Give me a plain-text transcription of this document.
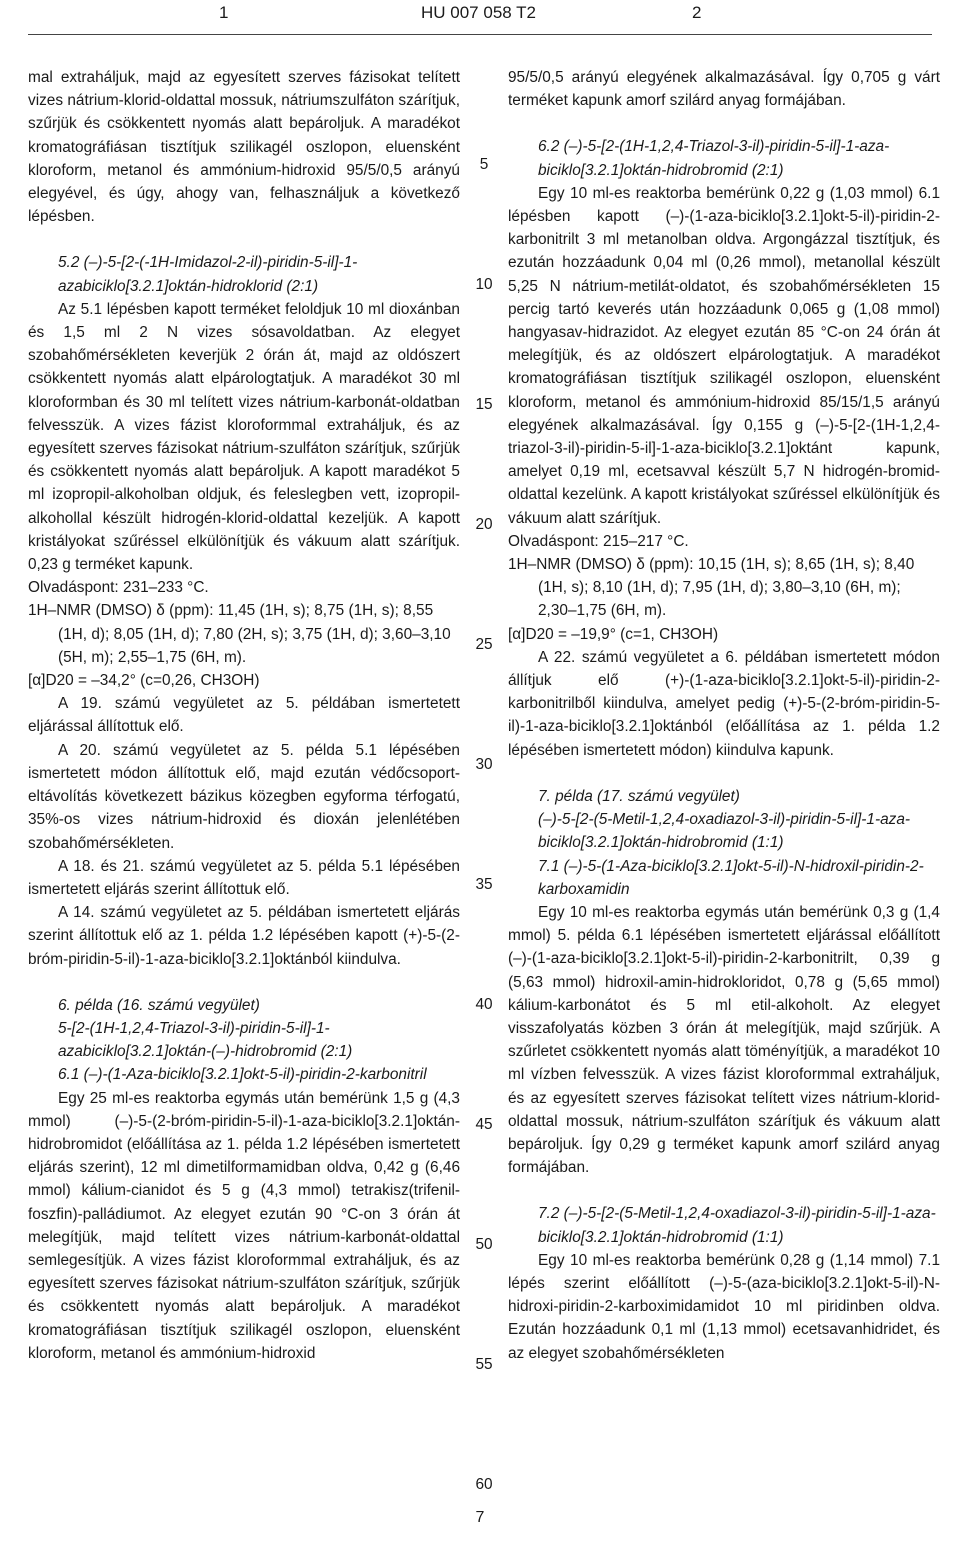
1	HU 007 058 T2	2

mal extraháljuk, majd az egyesített szerves fázisokat telített vizes nátrium-klorid-oldattal mossuk, nátriumszulfáton szárítjuk, szűrjük és csökkentett nyomás alatt bepároljuk. A maradékot kromatográfiásan tisztítjuk szilikagél oszlopon, eluensként kloroform, metanol és ammónium-hidroxid 95/5/0,5 arányú elegyével, és úgy, ahogy van, felhasználjuk a következő lépésben.

5.2 (–)-5-[2-(-1H-Imidazol-2-il)-piridin-5-il]-1-azabiciklo[3.2.1]oktán-hidroklorid (2:1)

Az 5.1 lépésben kapott terméket feloldjuk 10 ml dioxánban és 1,5 ml 2 N vizes sósavoldatban. Az elegyet szobahőmérsékleten keverjük 2 órán át, majd az oldószert csökkentett nyomás alatt elpárologtatjuk. A maradékot 30 ml kloroformban és 30 ml telített vizes nátrium-karbonát-oldatban felvesszük. A vizes fázist kloroformmal extraháljuk, és az egyesített szerves fázisokat nátrium-szulfáton szárítjuk, szűrjük és csökkentett nyomás alatt bepároljuk. A kapott maradékot 5 ml izopropil-alkoholban oldjuk, és feleslegben vett, izopropil-alkohollal készült hidrogén-klorid-oldattal kezeljük. A kapott kristályokat szűréssel elkülönítjük és vákuum alatt szárítjuk. 0,23 g terméket kapunk.

Olvadáspont: 231–233 °C.

1H–NMR (DMSO) δ (ppm): 11,45 (1H, s); 8,75 (1H, s); 8,55 (1H, d); 8,05 (1H, d); 7,80 (2H, s); 3,75 (1H, d); 3,60–3,10 (5H, m); 2,55–1,75 (6H, m).

[α]D20 = –34,2° (c=0,26, CH3OH)

A 19. számú vegyületet az 5. példában ismertetett eljárással állítottuk elő.

A 20. számú vegyületet az 5. példa 5.1 lépésében ismertetett módon állítottuk elő, majd ezután védőcsoport-eltávolítás következett bázikus közegben egyforma térfogatú, 35%-os vizes nátrium-hidroxid és dioxán jelenlétében szobahőmérsékleten.

A 18. és 21. számú vegyületet az 5. példa 5.1 lépésében ismertetett eljárás szerint állítottuk elő.

A 14. számú vegyületet az 5. példában ismertetett eljárás szerint állítottuk elő az 1. példa 1.2 lépésében kapott (+)-5-(2-bróm-piridin-5-il)-1-aza-biciklo[3.2.1]oktánból kiindulva.

6. példa (16. számú vegyület)

5-[2-(1H-1,2,4-Triazol-3-il)-piridin-5-il]-1-azabiciklo[3.2.1]oktán-(–)-hidrobromid (2:1)

6.1 (–)-(1-Aza-biciklo[3.2.1]okt-5-il)-piridin-2-karbonitril

Egy 25 ml-es reaktorba egymás után bemérünk 1,5 g (4,3 mmol) (–)-5-(2-bróm-piridin-5-il)-1-aza-biciklo[3.2.1]oktán-hidrobromidot (előállítása az 1. példa 1.2 lépésében ismertetett eljárás szerint), 12 ml dimetilformamidban oldva, 0,42 g (6,46 mmol) kálium-cianidot és 5 g (4,3 mmol) tetrakisz(trifenil-foszfin)-palládiumot. Az elegyet ezután 90 °C-on 3 órán át melegítjük, majd telített vizes nátrium-karbonát-oldattal semlegesítjük. A vizes fázist kloroformmal extraháljuk, és az egyesített szerves fázisokat nátrium-szulfáton szárítjuk, szűrjük és csökkentett nyomás alatt bepároljuk. A maradékot kromatográfiásan tisztítjuk szilikagél oszlopon, eluensként kloroform, metanol és ammónium-hidroxid

95/5/0,5 arányú elegyének alkalmazásával. Így 0,705 g várt terméket kapunk amorf szilárd anyag formájában.

6.2 (–)-5-[2-(1H-1,2,4-Triazol-3-il)-piridin-5-il]-1-aza-biciklo[3.2.1]oktán-hidrobromid (2:1)

Egy 10 ml-es reaktorba bemérünk 0,22 g (1,03 mmol) 6.1 lépésben kapott (–)-(1-aza-biciklo[3.2.1]okt-5-il)-piridin-2-karbonitrilt 3 ml metanolban oldva. Argongázzal tisztítjuk, és ezután hozzáadunk 0,04 ml (0,26 mmol), metanollal készült 5,25 N nátrium-metilát-oldatot, és szobahőmérsékleten 15 percig tartó keverés után hozzáadunk 0,065 g (1,08 mmol) hangyasav-hidrazidot. Az elegyet ezután 85 °C-on 24 órán át melegítjük, és az oldószert elpárologtatjuk. A maradékot kromatográfiásan tisztítjuk szilikagél oszlopon, eluensként kloroform, metanol és ammónium-hidroxid 85/15/1,5 arányú elegyének alkalmazásával. Így 0,155 g (–)-5-[2-(1H-1,2,4-triazol-3-il)-piridin-5-il]-1-aza-biciklo[3.2.1]oktánt kapunk, amelyet 0,19 ml, ecetsavval készült 5,7 N hidrogén-bromid-oldattal kezelünk. A kapott kristályokat szűréssel elkülönítjük és vákuum alatt szárítjuk.

Olvadáspont: 215–217 °C.

1H–NMR (DMSO) δ (ppm): 10,15 (1H, s); 8,65 (1H, s); 8,40 (1H, s); 8,10 (1H, d); 7,95 (1H, d); 3,80–3,10 (6H, m); 2,30–1,75 (6H, m).

[α]D20 = –19,9° (c=1, CH3OH)

A 22. számú vegyületet a 6. példában ismertetett módon állítjuk elő (+)-(1-aza-biciklo[3.2.1]okt-5-il)-piridin-2-karbonitrilből kiindulva, amelyet pedig (+)-5-(2-bróm-piridin-5-il)-1-aza-biciklo[3.2.1]oktánból (előállítása az 1. példa 1.2 lépésében ismertetett módon) kiindulva kapunk.

7. példa (17. számú vegyület)

(–)-5-[2-(5-Metil-1,2,4-oxadiazol-3-il)-piridin-5-il]-1-aza-biciklo[3.2.1]oktán-hidrobromid (1:1)

7.1 (–)-5-(1-Aza-biciklo[3.2.1]okt-5-il)-N-hidroxil-piridin-2-karboxamidin

Egy 10 ml-es reaktorba egymás után bemérünk 0,3 g (1,4 mmol) 5. példa 6.1 lépésében ismertetett eljárással előállított (–)-(1-aza-biciklo[3.2.1]okt-5-il)-piridin-2-karbonitrilt, 0,39 g (5,63 mmol) hidroxil-amin-hidrokloridot, 0,78 g (5,65 mmol) kálium-karbonátot és 5 ml etil-alkoholt. Az elegyet visszafolyatás közben 3 órán át melegítjük, majd szűrjük. A szűrletet csökkentett nyomás alatt töményítjük, a maradékot 10 ml vízben felvesszük. A vizes fázist kloroformmal extraháljuk, és az egyesített szerves fázisokat telített vizes nátrium-klorid-oldattal mossuk, nátrium-szulfáton szárítjuk és vákuum alatt bepároljuk. Így 0,29 g terméket kapunk amorf szilárd anyag formájában.

7.2 (–)-5-[2-(5-Metil-1,2,4-oxadiazol-3-il)-piridin-5-il]-1-aza-biciklo[3.2.1]oktán-hidrobromid (1:1)

Egy 10 ml-es reaktorba bemérünk 0,28 g (1,14 mmol) 7.1 lépés szerint előállított (–)-5-(aza-biciklo[3.2.1]okt-5-il)-N-hidroxi-piridin-2-karboximidamidot 10 ml piridinben oldva. Ezután hozzáadunk 0,1 ml (1,13 mmol) ecetsavanhidridet, és az elegyet szobahőmérsékleten

5
10
15
20
25
30
35
40
45
50
55
60
7
